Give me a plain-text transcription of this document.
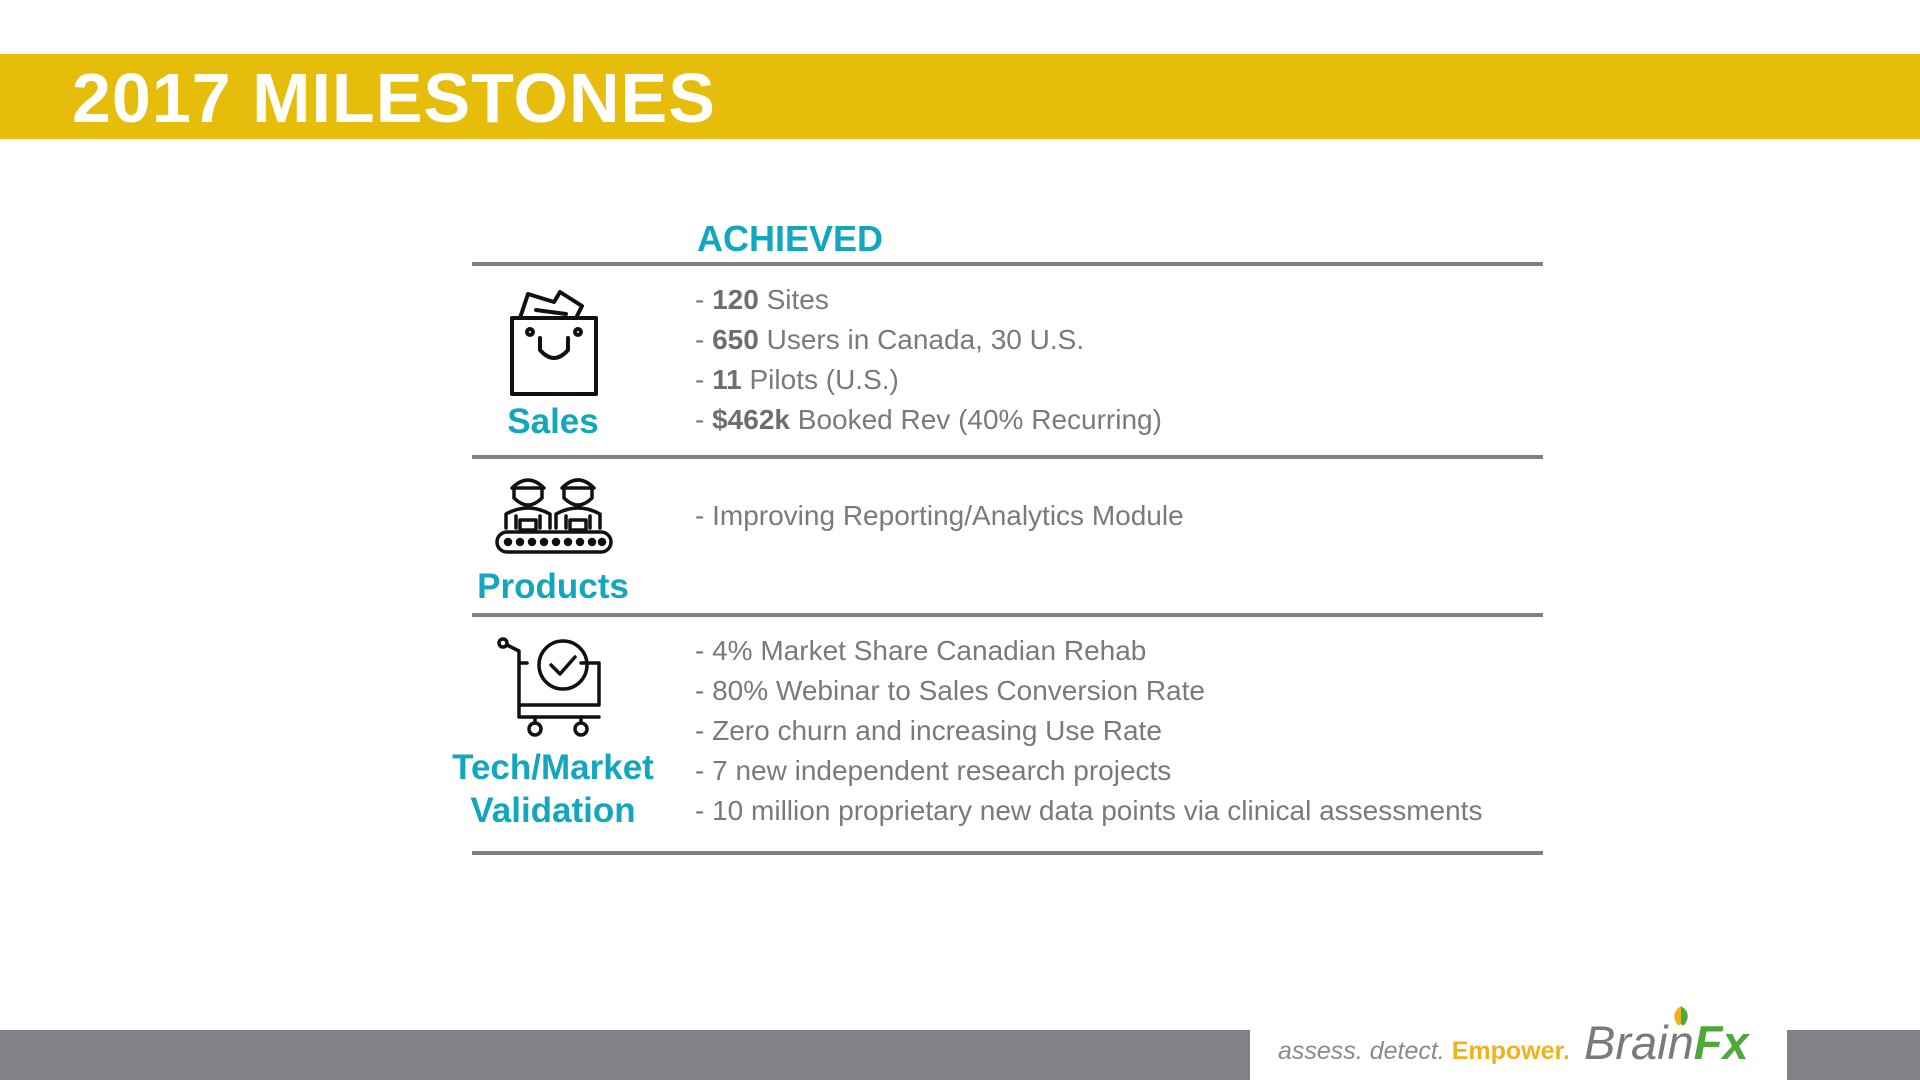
2017 MILESTONES
ACHIEVED
Sales
- 120 Sites
- 650 Users in Canada, 30 U.S.
- 11 Pilots (U.S.)
- $462k Booked Rev (40% Recurring)
Products
- Improving Reporting/Analytics Module
Tech/Market
Validation
- 4% Market Share Canadian Rehab
- 80% Webinar to Sales Conversion Rate
- Zero churn and increasing Use Rate
- 7 new independent research projects
- 10 million proprietary new data points via clinical assessments
assess. detect. Empower. BrainFx
